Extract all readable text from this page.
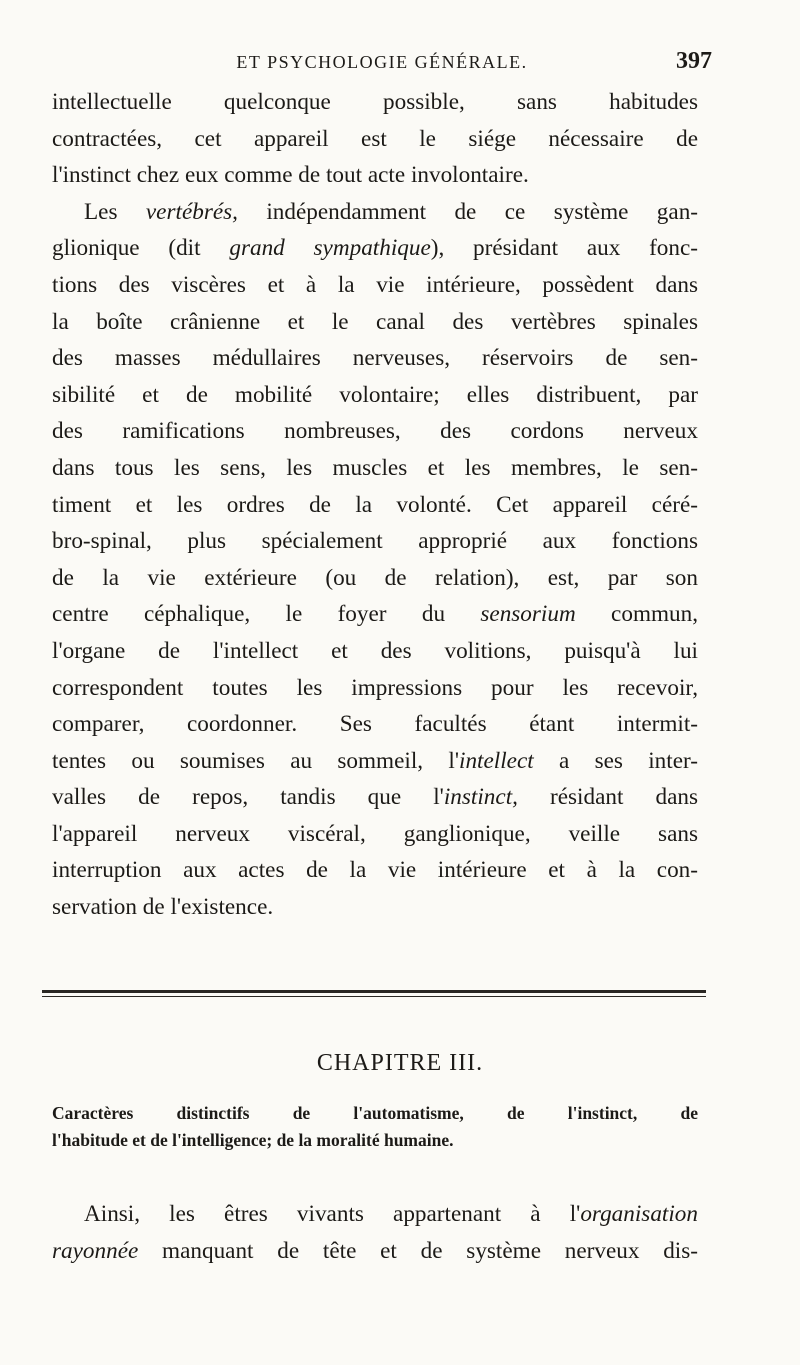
ET PSYCHOLOGIE GÉNÉRALE.	397
intellectuelle quelconque possible, sans habitudes
contractées, cet appareil est le siége nécessaire de
l'instinct chez eux comme de tout acte involontaire.
Les vertébrés, indépendamment de ce système gan-
glionique (dit grand sympathique), présidant aux fonc-
tions des viscères et à la vie intérieure, possèdent dans
la boîte crânienne et le canal des vertèbres spinales
des masses médullaires nerveuses, réservoirs de sen-
sibilité et de mobilité volontaire; elles distribuent, par
des ramifications nombreuses, des cordons nerveux
dans tous les sens, les muscles et les membres, le sen-
timent et les ordres de la volonté. Cet appareil céré-
bro-spinal, plus spécialement approprié aux fonctions
de la vie extérieure (ou de relation), est, par son
centre céphalique, le foyer du sensorium commun,
l'organe de l'intellect et des volitions, puisqu'à lui
correspondent toutes les impressions pour les recevoir,
comparer, coordonner. Ses facultés étant intermit-
tentes ou soumises au sommeil, l'intellect a ses inter-
valles de repos, tandis que l'instinct, résidant dans
l'appareil nerveux viscéral, ganglionique, veille sans
interruption aux actes de la vie intérieure et à la con-
servation de l'existence.
CHAPITRE III.
Caractères distinctifs de l'automatisme, de l'instinct, de
l'habitude et de l'intelligence; de la moralité humaine.
Ainsi, les êtres vivants appartenant à l'organisation
rayonnée manquant de tête et de système nerveux dis-
